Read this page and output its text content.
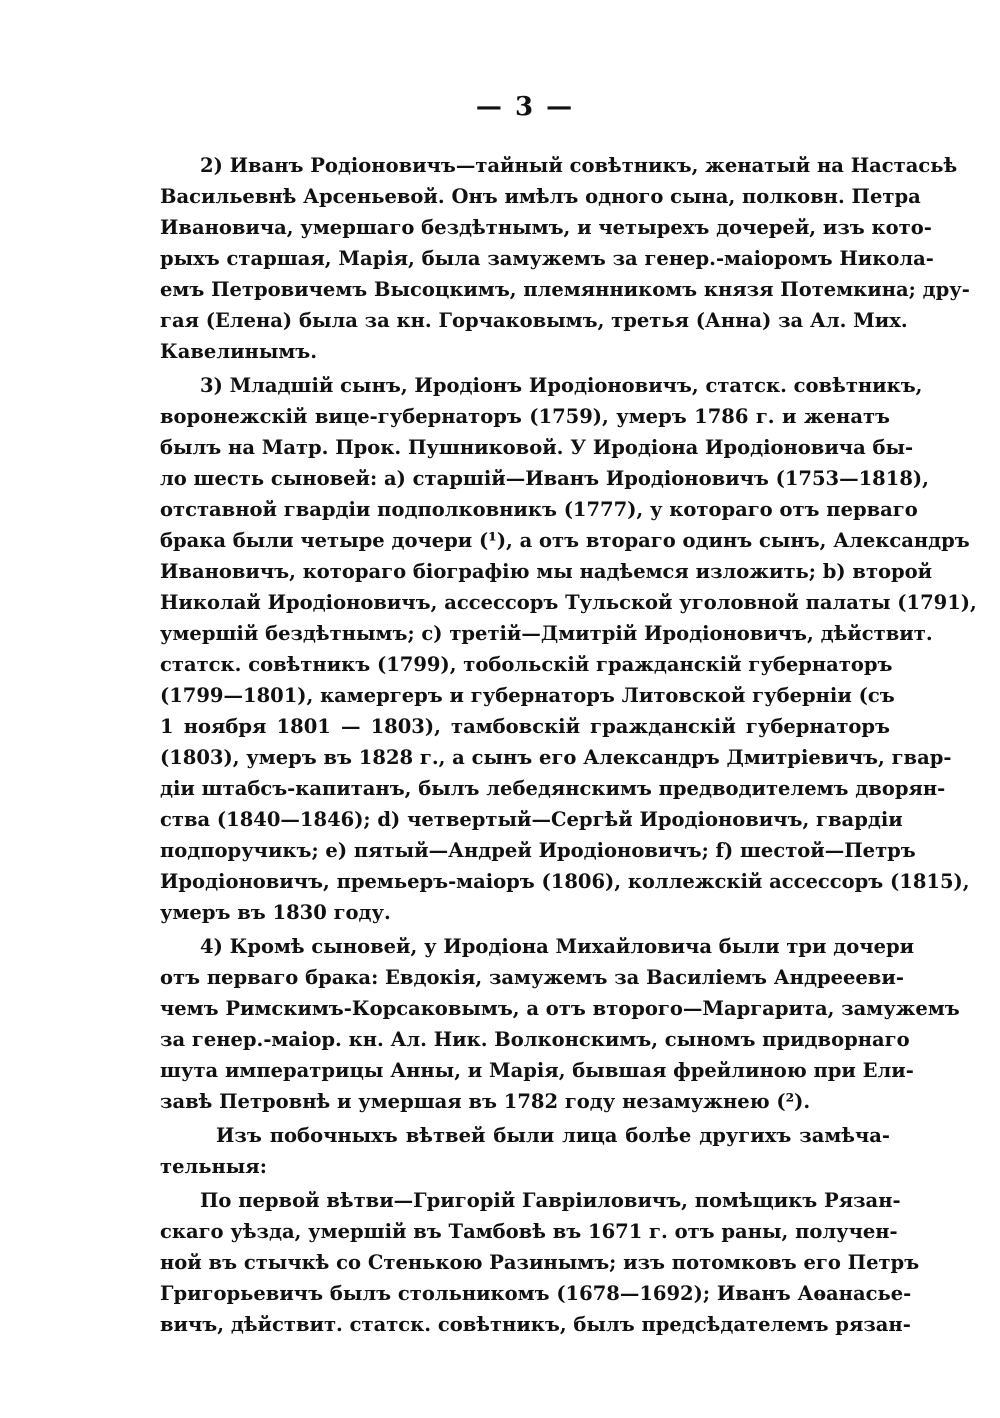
— 3 —
2) Иванъ Родіоновичъ—тайный совѣтникъ, женатый на Настасьѣ
Васильевнѣ Арсеньевой. Онъ имѣлъ одного сына, полковн. Петра
Ивановича, умершаго бездѣтнымъ, и четырехъ дочерей, изъ кото-
рыхъ старшая, Марія, была замужемъ за генер.-маіоромъ Никола-
емъ Петровичемъ Высоцкимъ, племянникомъ князя Потемкина; дру-
гая (Елена) была за кн. Горчаковымъ, третья (Анна) за Ал. Мих.
Кавелинымъ.
3) Младшій сынъ, Иродіонъ Иродіоновичъ, статск. совѣтникъ,
воронежскій вице-губернаторъ (1759), умеръ 1786 г. и женатъ
былъ на Матр. Прок. Пушниковой. У Иродіона Иродіоновича бы-
ло шесть сыновей: а) старшій—Иванъ Иродіоновичъ (1753—1818),
отставной гвардіи подполковникъ (1777), у котораго отъ перваго
брака были четыре дочери (¹), а отъ втораго одинъ сынъ, Александръ
Ивановичъ, котораго біографію мы надѣемся изложить; b) второй
Николай Иродіоновичъ, ассессоръ Тульской уголовной палаты (1791),
умершій бездѣтнымъ; c) третій—Дмитрій Иродіоновичъ, дѣйствит.
статск. совѣтникъ (1799), тобольскій гражданскій губернаторъ
(1799—1801), камергеръ и губернаторъ Литовской губерніи (съ
1 ноября 1801 — 1803), тамбовскій гражданскій губернаторъ
(1803), умеръ въ 1828 г., а сынъ его Александръ Дмитріевичъ, гвар-
діи штабсъ-капитанъ, былъ лебедянскимъ предводителемъ дворян-
ства (1840—1846); d) четвертый—Сергѣй Иродіоновичъ, гвардіи
подпоручикъ; e) пятый—Андрей Иродіоновичъ; f) шестой—Петръ
Иродіоновичъ, премьеръ-маіоръ (1806), коллежскій ассессоръ (1815),
умеръ въ 1830 году.
4) Кромѣ сыновей, у Иродіона Михайловича были три дочери
отъ перваго брака: Евдокія, замужемъ за Василіемъ Андреееви-
чемъ Римскимъ-Корсаковымъ, а отъ второго—Маргарита, замужемъ
за генер.-маіор. кн. Ал. Ник. Волконскимъ, сыномъ придворнаго
шута императрицы Анны, и Марія, бывшая фрейлиною при Ели-
завѣ Петровнѣ и умершая въ 1782 году незамужнею (²).
Изъ побочныхъ вѣтвей были лица болѣе другихъ замѣча-
тельныя:
По первой вѣтви—Григорій Гавріиловичъ, помѣщикъ Рязан-
скаго уѣзда, умершій въ Тамбовѣ въ 1671 г. отъ раны, получен-
ной въ стычкѣ со Стенькою Разинымъ; изъ потомковъ его Петръ
Григорьевичъ былъ стольникомъ (1678—1692); Иванъ Аѳанасье-
вичъ, дѣйствит. статск. совѣтникъ, былъ предсѣдателемъ рязан-
